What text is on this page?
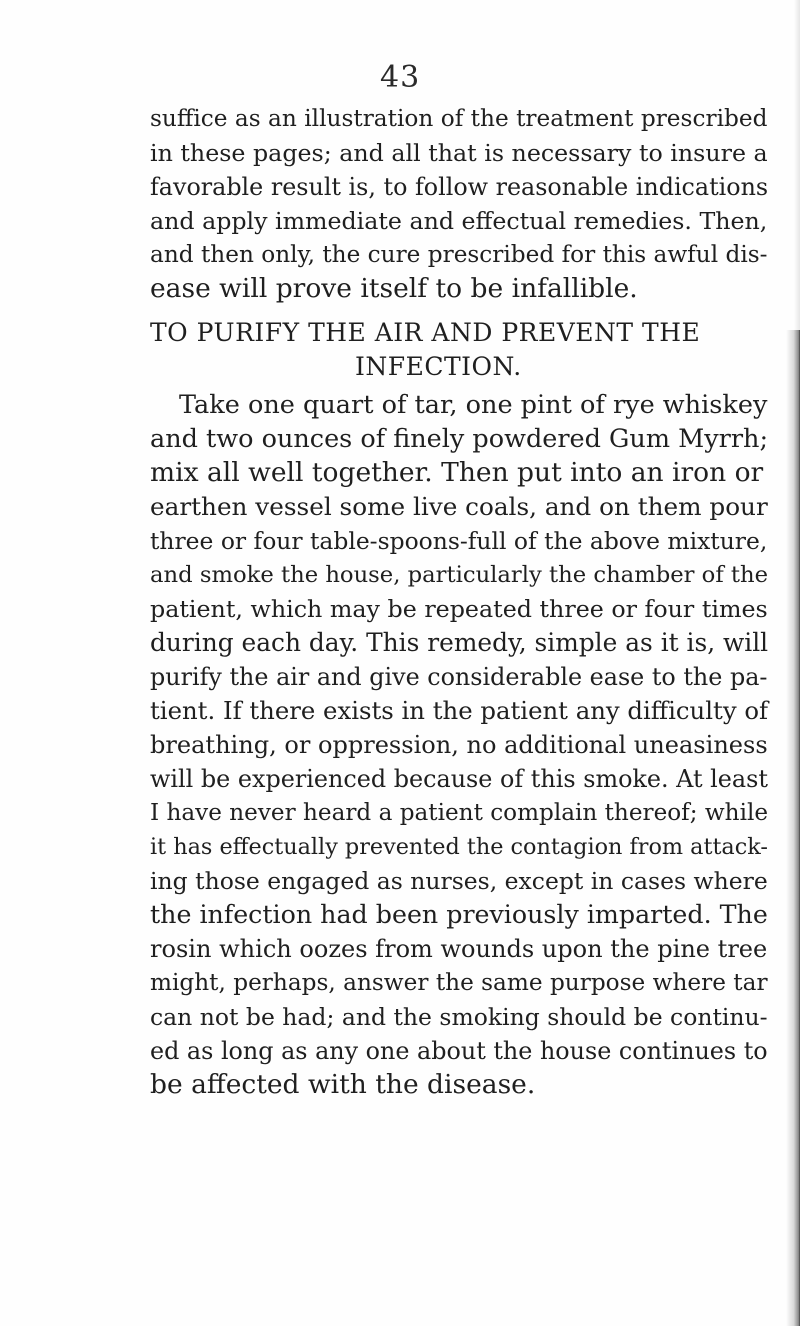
43
suffice as an illustration of the treatment prescribed
in these pages; and all that is necessary to insure a
favorable result is, to follow reasonable indications
and apply immediate and effectual remedies. Then,
and then only, the cure prescribed for this awful dis-
ease will prove itself to be infallible.
TO PURIFY THE AIR AND PREVENT THE
INFECTION.
Take one quart of tar, one pint of rye whiskey
and two ounces of finely powdered Gum Myrrh;
mix all well together. Then put into an iron or
earthen vessel some live coals, and on them pour
three or four table-spoons-full of the above mixture,
and smoke the house, particularly the chamber of the
patient, which may be repeated three or four times
during each day. This remedy, simple as it is, will
purify the air and give considerable ease to the pa-
tient. If there exists in the patient any difficulty of
breathing, or oppression, no additional uneasiness
will be experienced because of this smoke. At least
I have never heard a patient complain thereof; while
it has effectually prevented the contagion from attack-
ing those engaged as nurses, except in cases where
the infection had been previously imparted. The
rosin which oozes from wounds upon the pine tree
might, perhaps, answer the same purpose where tar
can not be had; and the smoking should be continu-
ed as long as any one about the house continues to
be affected with the disease.
